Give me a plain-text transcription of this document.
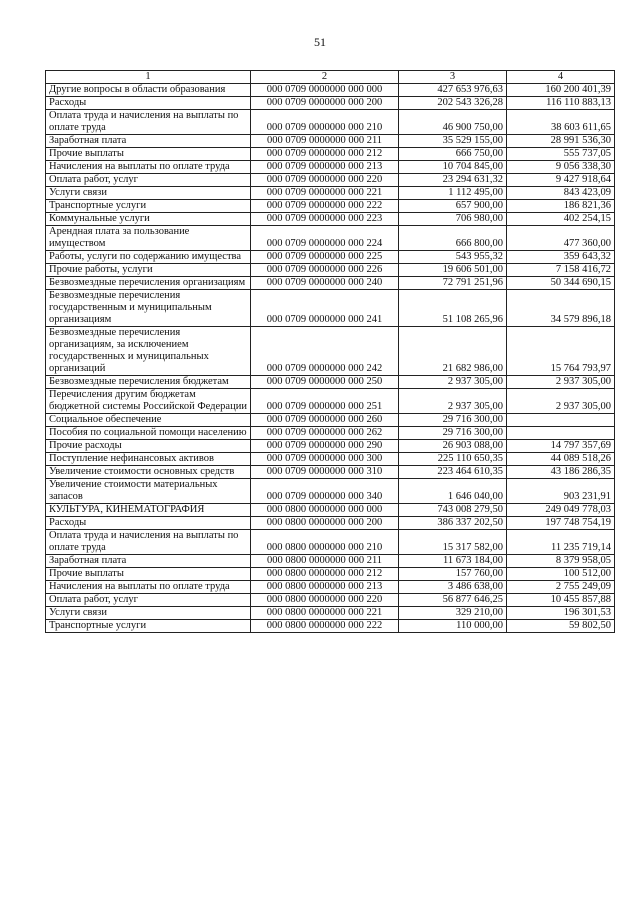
51
1	2	3	4
Другие вопросы в области образования	000 0709 0000000 000 000	427 653 976,63	160 200 401,39
Расходы	000 0709 0000000 000 200	202 543 326,28	116 110 883,13
Оплата труда и начисления на выплаты по оплате труда	000 0709 0000000 000 210	46 900 750,00	38 603 611,65
Заработная плата	000 0709 0000000 000 211	35 529 155,00	28 991 536,30
Прочие выплаты	000 0709 0000000 000 212	666 750,00	555 737,05
Начисления на выплаты по оплате труда	000 0709 0000000 000 213	10 704 845,00	9 056 338,30
Оплата работ, услуг	000 0709 0000000 000 220	23 294 631,32	9 427 918,64
Услуги связи	000 0709 0000000 000 221	1 112 495,00	843 423,09
Транспортные услуги	000 0709 0000000 000 222	657 900,00	186 821,36
Коммунальные услуги	000 0709 0000000 000 223	706 980,00	402 254,15
Арендная плата за пользование имуществом	000 0709 0000000 000 224	666 800,00	477 360,00
Работы, услуги по содержанию имущества	000 0709 0000000 000 225	543 955,32	359 643,32
Прочие работы, услуги	000 0709 0000000 000 226	19 606 501,00	7 158 416,72
Безвозмездные перечисления организациям	000 0709 0000000 000 240	72 791 251,96	50 344 690,15
Безвозмездные перечисления государственным и муниципальным организациям	000 0709 0000000 000 241	51 108 265,96	34 579 896,18
Безвозмездные перечисления организациям, за исключением государственных и муниципальных организаций	000 0709 0000000 000 242	21 682 986,00	15 764 793,97
Безвозмездные перечисления бюджетам	000 0709 0000000 000 250	2 937 305,00	2 937 305,00
Перечисления другим бюджетам бюджетной системы Российской Федерации	000 0709 0000000 000 251	2 937 305,00	2 937 305,00
Социальное обеспечение	000 0709 0000000 000 260	29 716 300,00	
Пособия по социальной помощи населению	000 0709 0000000 000 262	29 716 300,00	
Прочие расходы	000 0709 0000000 000 290	26 903 088,00	14 797 357,69
Поступление нефинансовых активов	000 0709 0000000 000 300	225 110 650,35	44 089 518,26
Увеличение стоимости основных средств	000 0709 0000000 000 310	223 464 610,35	43 186 286,35
Увеличение стоимости материальных запасов	000 0709 0000000 000 340	1 646 040,00	903 231,91
КУЛЬТУРА, КИНЕМАТОГРАФИЯ	000 0800 0000000 000 000	743 008 279,50	249 049 778,03
Расходы	000 0800 0000000 000 200	386 337 202,50	197 748 754,19
Оплата труда и начисления на выплаты по оплате труда	000 0800 0000000 000 210	15 317 582,00	11 235 719,14
Заработная плата	000 0800 0000000 000 211	11 673 184,00	8 379 958,05
Прочие выплаты	000 0800 0000000 000 212	157 760,00	100 512,00
Начисления на выплаты по оплате труда	000 0800 0000000 000 213	3 486 638,00	2 755 249,09
Оплата работ, услуг	000 0800 0000000 000 220	56 877 646,25	10 455 857,88
Услуги связи	000 0800 0000000 000 221	329 210,00	196 301,53
Транспортные услуги	000 0800 0000000 000 222	110 000,00	59 802,50
